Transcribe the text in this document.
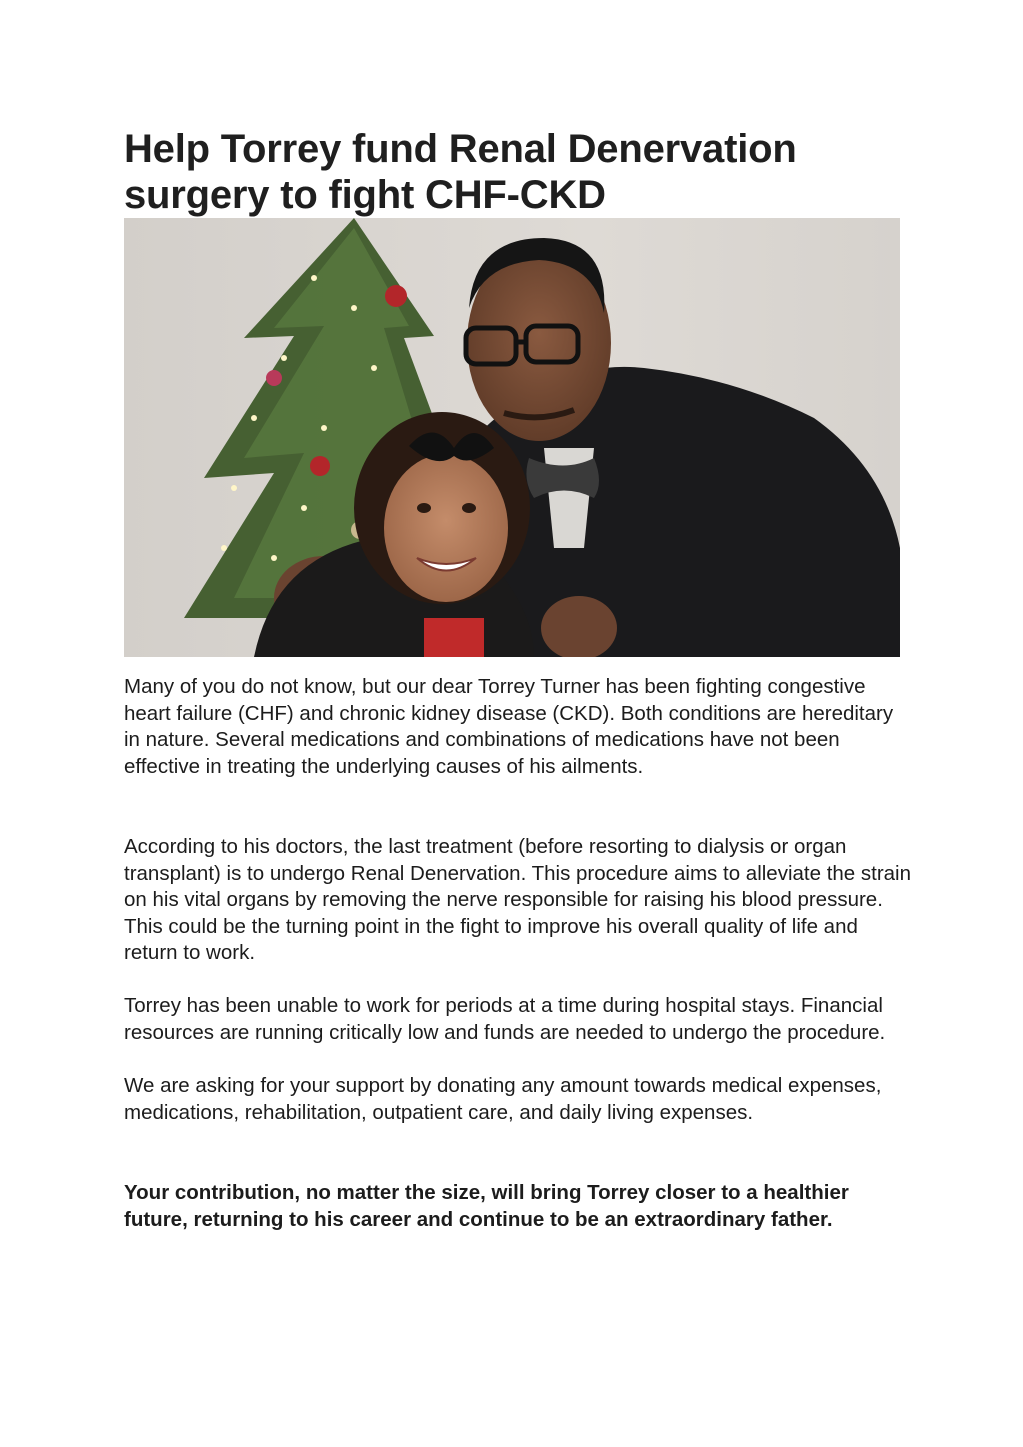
Help Torrey fund Renal Denervation surgery to fight CHF-CKD

Many of you do not know, but our dear Torrey Turner has been fighting congestive heart failure (CHF) and chronic kidney disease (CKD). Both conditions are hereditary in nature. Several medications and combinations of medications have not been effective in treating the underlying causes of his ailments.

According to his doctors, the last treatment (before resorting to dialysis or organ transplant) is to undergo Renal Denervation. This procedure aims to alleviate the strain on his vital organs by removing the nerve responsible for raising his blood pressure. This could be the turning point in the fight to improve his overall quality of life and return to work.

Torrey has been unable to work for periods at a time during hospital stays. Financial resources are running critically low and funds are needed to undergo the procedure.

We are asking for your support by donating any amount towards medical expenses, medications, rehabilitation, outpatient care, and daily living expenses.

Your contribution, no matter the size, will bring Torrey closer to a healthier future, returning to his career and continue to be an extraordinary father.
